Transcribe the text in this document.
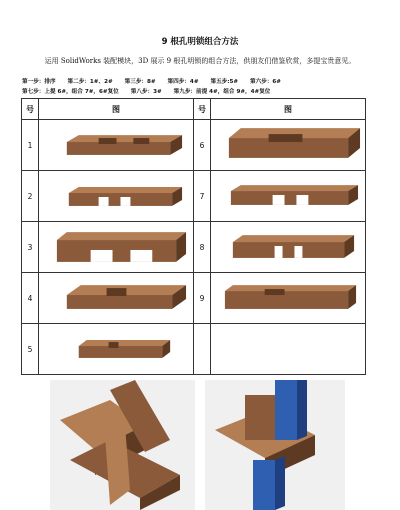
9 根孔明锁组合方法
运用 SolidWorks 装配模块，3D 展示 9 根孔明锁的组合方法，供朋友们借鉴欣赏，多提宝贵意见。
第一步：排序 第二步：1#、2# 第三步：8# 第四步：4# 第五步:5# 第六步：6#
第七步：上提 6#，组合 7#，6#复位 第八步：3# 第九步：前提 4#，组合 9#，4#复位
号	图	号	图
1		6	

2		7	

3		8	

4		9	

5	
